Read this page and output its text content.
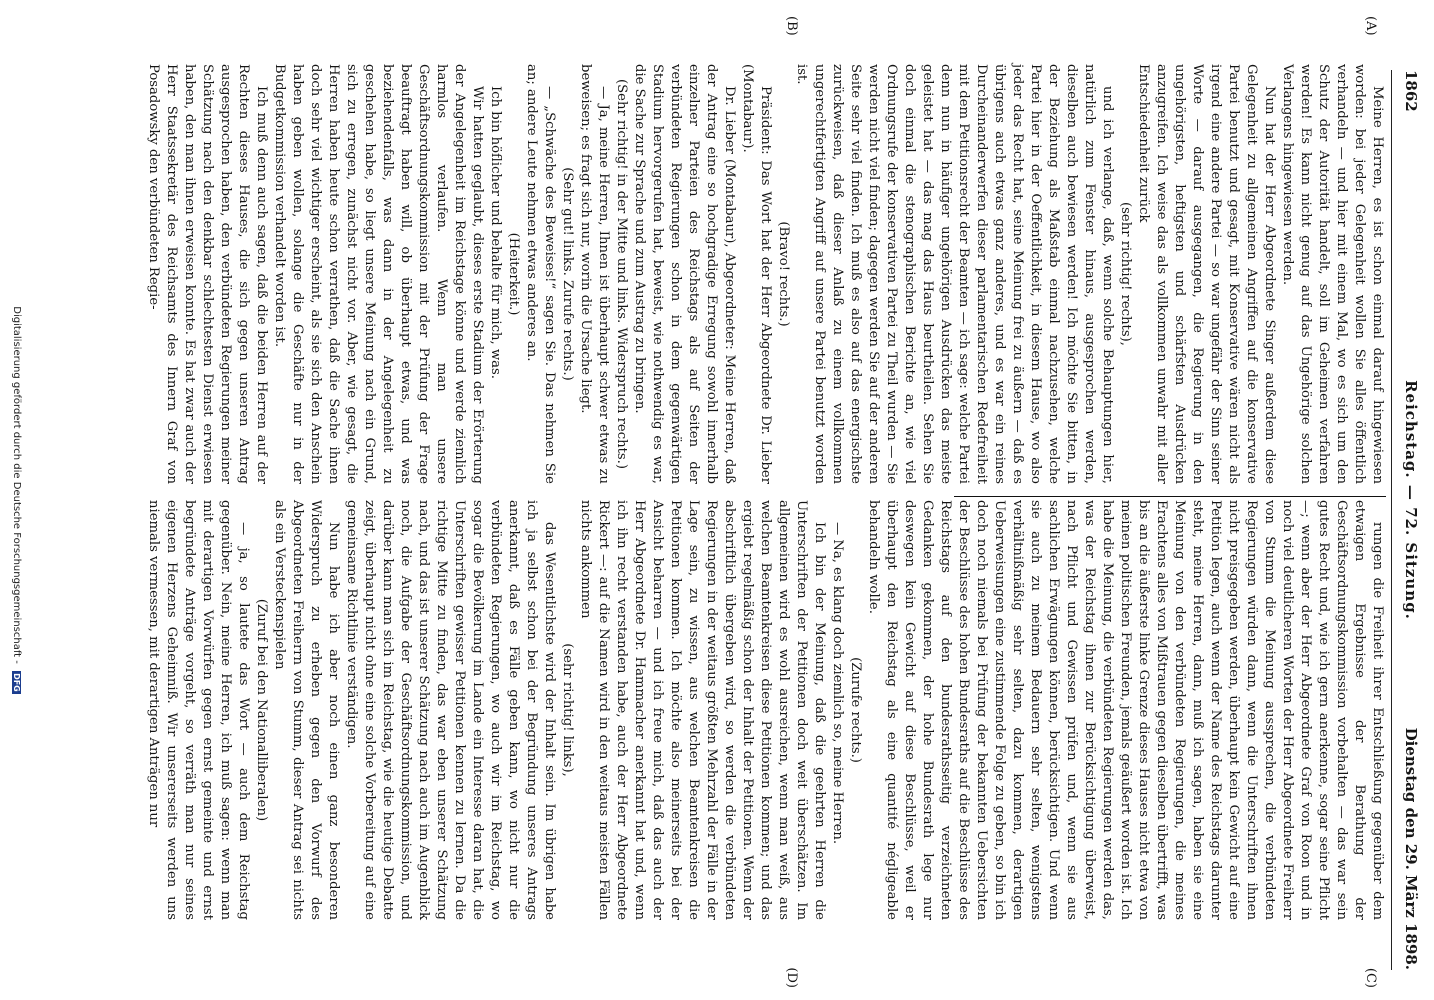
1862
Reichstag. — 72. Sitzung.
Dienstag den 29. März 1898.
(A)
(B)
(C)
(D)

Meine Herren, es ist schon einmal darauf hingewiesen worden: bei jeder Gelegenheit wollen Sie alles öffentlich verhandeln — und hier mit einem Mal, wo es sich um den Schutz der Autorität handelt, soll im Geheimen verfahren werden! Es kann nicht genug auf das Ungehörige solchen Verlangens hingewiesen werden.

Nun hat der Herr Abgeordnete Singer außerdem diese Gelegenheit zu allgemeinen Angriffen auf die konservative Partei benutzt und gesagt, mit Konservative wären nicht als irgend eine andere Partei — so war ungefähr der Sinn seiner Worte — darauf ausgegangen, die Regierung in den ungehörigsten, heftigsten und schärfsten Ausdrücken anzugreifen. Ich weise das als vollkommen unwahr mit aller Entschiedenheit zurück

(sehr richtig! rechts),

und ich verlange, daß, wenn solche Behauptungen hier, natürlich zum Fenster hinaus, ausgesprochen werden, dieselben auch bewiesen werden! Ich möchte Sie bitten, in der Beziehung als Maßstab einmal nachzusehen, welche Partei hier in der Oeffentlichkeit, in diesem Hause, wo also jeder das Recht hat, seine Meinung frei zu äußern — daß es übrigens auch etwas ganz anderes, und es war ein reines Durcheinanderwerfen dieser parlamentarischen Redefreiheit mit dem Petitionsrecht der Beamten — ich sage: welche Partei denn nun in häufiger ungehörigen Ausdrücken das meiste geleistet hat — das mag das Haus beurtheilen. Sehen Sie doch einmal die stenographischen Berichte an, wie viel Ordnungsrufe der konservativen Partei zu Theil wurden — Sie werden nicht viel finden; dagegen werden Sie auf der anderen Seite sehr viel finden. Ich muß es also auf das energischste zurückweisen, daß dieser Anlaß zu einem vollkommen ungerechtfertigten Angriff auf unsere Partei benutzt worden ist.

(Bravo! rechts.)

Präsident: Das Wort hat der Herr Abgeordnete Dr. Lieber (Montabaur).

Dr. Lieber (Montabaur), Abgeordneter: Meine Herren, daß der Antrag eine so hochgradige Erregung sowohl innerhalb einzelner Parteien des Reichstags als auf Seiten der verbündeten Regierungen schon in dem gegenwärtigen Stadium hervorgerufen hat, beweist, wie nothwendig es war, die Sache zur Sprache und zum Austrag zu bringen.

(Sehr richtig! in der Mitte und links. Widerspruch rechts.)

— Ja, meine Herren, Ihnen ist überhaupt schwer etwas zu beweisen; es fragt sich nur, worin die Ursache liegt.

(Sehr gut! links. Zurufe rechts.)

— „Schwäche des Beweises!“ sagen Sie. Das nehmen Sie an; andere Leute nehmen etwas anderes an.

(Heiterkeit.)

Ich bin höflicher und behalte für mich, was.

Wir hatten geglaubt, dieses erste Stadium der Erörterung der Angelegenheit im Reichstage könne und werde ziemlich harmlos verlaufen. Wenn man unsere Geschäftsordnungskommission mit der Prüfung der Frage beauftragt haben will, ob überhaupt etwas, und was beziehendenfalls, was dann in der Angelegenheit zu geschehen habe, so liegt unsere Meinung nach ein Grund, sich zu erregen, zunächst nicht vor. Aber, wie gesagt, die Herren haben heute schon verrathen, daß die Sache ihnen doch sehr viel wichtiger erscheint, als sie sich den Anschein haben geben wollen, solange die Geschäfte nur in der Budgetkommission verhandelt worden ist.

Ich muß denn auch sagen, daß die beiden Herren auf der Rechten dieses Hauses, die sich gegen unseren Antrag ausgesprochen haben, den verbündeten Regierungen meiner Schätzung nach den denkbar schlechtesten Dienst erwiesen haben, den man ihnen erweisen konnte. Es hat zwar auch der Herr Staatssekretär des Reichsamts des Innern Graf von Posadowsky den verbündeten Regie-

rungen die Freiheit ihrer Entschließung gegenüber dem etwaigen Ergebnisse der Berathung der Geschäftsordnungskommission vorbehalten — das war sein gutes Recht und, wie ich gern anerkenne, sogar seine Pflicht —; wenn aber der Herr Abgeordnete Graf von Roon und in noch viel deutlicheren Worten der Herr Abgeordnete Freiherr von Stumm die Meinung aussprechen, die verbündeten Regierungen würden dann, wenn die Unterschriften ihnen nicht preisgegeben werden, überhaupt kein Gewicht auf eine Petition legen, auch wenn der Name des Reichstags darunter steht, meine Herren, dann, muß ich sagen, haben sie eine Meinung von den verbündeten Regierungen, die meines Erachtens alles von Mißtrauen gegen dieselben übertrifft, was bis an die äußerste linke Grenze dieses Hauses nicht etwa von meinen politischen Freunden, jemals geäußert worden ist. Ich habe die Meinung, die verbündeten Regierungen werden das, was der Reichstag ihnen zur Berücksichtigung überweist, nach Pflicht und Gewissen prüfen und, wenn sie aus sachlichen Erwägungen können, berücksichtigen. Und wenn sie auch zu meinem Bedauern sehr selten, wenigstens verhältnißmäßig sehr selten, dazu kommen, derartigen Ueberweisungen eine zustimmende Folge zu geben, so bin ich doch noch niemals bei Prüfung der bekannten Uebersichten der Beschlüsse des hohen Bundesraths auf die Beschlüsse des Reichstags auf den bundesrathsseitig verzeichneten Gedanken gekommen, der hohe Bundesrath lege nur deswegen kein Gewicht auf diese Beschlüsse, weil er überhaupt den Reichstag als eine quantité négligeable behandeln wolle.

(Zurufe rechts.)

— Na, es klang doch ziemlich so, meine Herren.

Ich bin der Meinung, daß die geehrten Herren die Unterschriften der Petitionen doch weit überschätzen. Im allgemeinen wird es wohl ausreichen, wenn man weiß, aus welchen Beamtenkreisen diese Petitionen kommen; und das ergiebt regelmäßig schon der Inhalt der Petitionen. Wenn der abschriftlich übergeben wird, so werden die verbündeten Regierungen in der weitaus größten Mehrzahl der Fälle in der Lage sein, zu wissen, aus welchen Beamtenkreisen die Petitionen kommen. Ich möchte also meinerseits bei der Ansicht beharren — und ich freue mich, daß das auch der Herr Abgeordnete Dr. Hammacher anerkannt hat und, wenn ich ihn recht verstanden habe, auch der Herr Abgeordnete Rickert —: auf die Namen wird in den weitaus meisten Fällen nichts ankommen

(sehr richtig! links),

das Wesentlichste wird der Inhalt sein. Im übrigen habe ich ja selbst schon bei der Begründung unseres Antrags anerkannt, daß es Fälle geben kann, wo nicht nur die verbündeten Regierungen, wo auch wir im Reichstag, wo sogar die Bevölkerung im Lande ein Interesse daran hat, die Unterschriften gewisser Petitionen kennen zu lernen. Da die richtige Mitte zu finden, das war eben unserer Schätzung nach, und das ist unserer Schätzung nach auch im Augenblick noch, die Aufgabe der Geschäftsordnungskommission, und darüber kann man sich im Reichstag, wie die heutige Debatte zeigt, überhaupt nicht ohne eine solche Vorbereitung auf eine gemeinsame Richtlinie verständigen.

Nun habe ich aber noch einen ganz besonderen Widerspruch zu erheben gegen den Vorwurf des Abgeordneten Freiherrn von Stumm, dieser Antrag sei nichts als ein Versteckenspielen

(Zuruf bei den Nationalliberalen)

— ja, so lautete das Wort — auch dem Reichstag gegenüber. Nein, meine Herren, ich muß sagen: wenn man mit derartigen Vorwürfen gegen ernst gemeinte und ernst begründete Anträge vorgeht, so verräth man nur seines eigenen Herzens Geheimniß. Wir unsererseits werden uns niemals vermessen, mit derartigen Anträgen nur

Digitalisierung gefördert durch die Deutsche Forschungsgemeinschaft - DFG
